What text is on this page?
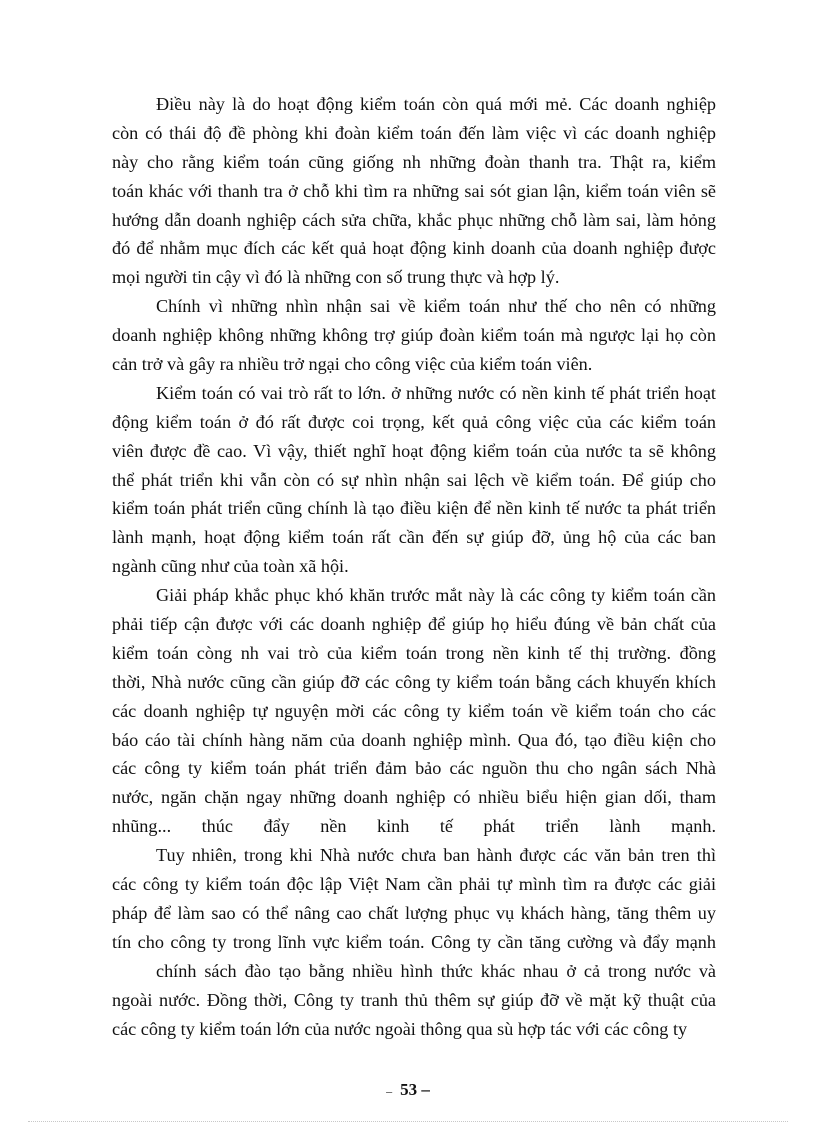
Điều này là do hoạt động kiểm toán còn quá mới mẻ. Các doanh nghiệp
còn có thái độ đề phòng khi đoàn kiểm toán đến làm việc vì các doanh nghiệp
này cho rằng kiểm toán cũng giống nh những đoàn thanh tra. Thật ra, kiểm
toán khác với thanh tra ở chỗ khi tìm ra những sai sót gian lận, kiểm toán viên sẽ
hướng dẫn doanh nghiệp cách sửa chữa, khắc phục những chỗ làm sai, làm hỏng
đó để nhằm mục đích các kết quả hoạt động kinh doanh của doanh nghiệp được
mọi người tin cậy vì đó là những con số trung thực và hợp lý.
Chính vì những nhìn nhận sai về kiểm toán như thế cho nên có những
doanh nghiệp không những không trợ giúp đoàn kiểm toán mà ngược lại họ còn
cản trở và gây ra nhiều trở ngại cho công việc của kiểm toán viên.
Kiểm toán có vai trò rất to lớn. ở những nước có nền kinh tế phát triển hoạt
động kiểm toán ở đó rất được coi trọng, kết quả công việc của các kiểm toán
viên được đề cao. Vì vậy, thiết nghĩ hoạt động kiểm toán của nước ta sẽ không
thể phát triển khi vẫn còn có sự nhìn nhận sai lệch về kiểm toán. Để giúp cho
kiểm toán phát triển cũng chính là tạo điều kiện để nền kinh tế nước ta phát triển
lành mạnh, hoạt động kiểm toán rất cần đến sự giúp đỡ, ủng hộ của các ban
ngành cũng như của toàn xã hội.
Giải pháp khắc phục khó khăn trước mắt này là các công ty kiểm toán cần
phải tiếp cận được với các doanh nghiệp để giúp họ hiểu đúng về bản chất của
kiểm toán còng nh vai trò của kiểm toán trong nền kinh tế thị trường. đồng
thời, Nhà nước cũng cần giúp đỡ các công ty kiểm toán bằng cách khuyến khích
các doanh nghiệp tự nguyện mời các công ty kiểm toán về kiểm toán cho các
báo cáo tài chính hàng năm của doanh nghiệp mình. Qua đó, tạo điều kiện cho
các công ty kiểm toán phát triển đảm bảo các nguồn thu cho ngân sách Nhà
nước, ngăn chặn ngay những doanh nghiệp có nhiều biểu hiện gian dối, tham
nhũng... thúc đẩy nền kinh tế phát triển lành mạnh.
Tuy nhiên, trong khi Nhà nước chưa ban hành được các văn bản tren thì
các công ty kiểm toán độc lập Việt Nam cần phải tự mình tìm ra được các giải
pháp để làm sao có thể nâng cao chất lượng phục vụ khách hàng, tăng thêm uy
tín cho công ty trong lĩnh vực kiểm toán. Công ty cần tăng cường và đẩy mạnh
chính sách đào tạo bằng nhiều hình thức khác nhau ở cả trong nước và
ngoài nước. Đồng thời, Công ty tranh thủ thêm sự giúp đỡ về mặt kỹ thuật của
các công ty kiểm toán lớn của nước ngoài thông qua sù hợp tác với các công ty
– 53 –
